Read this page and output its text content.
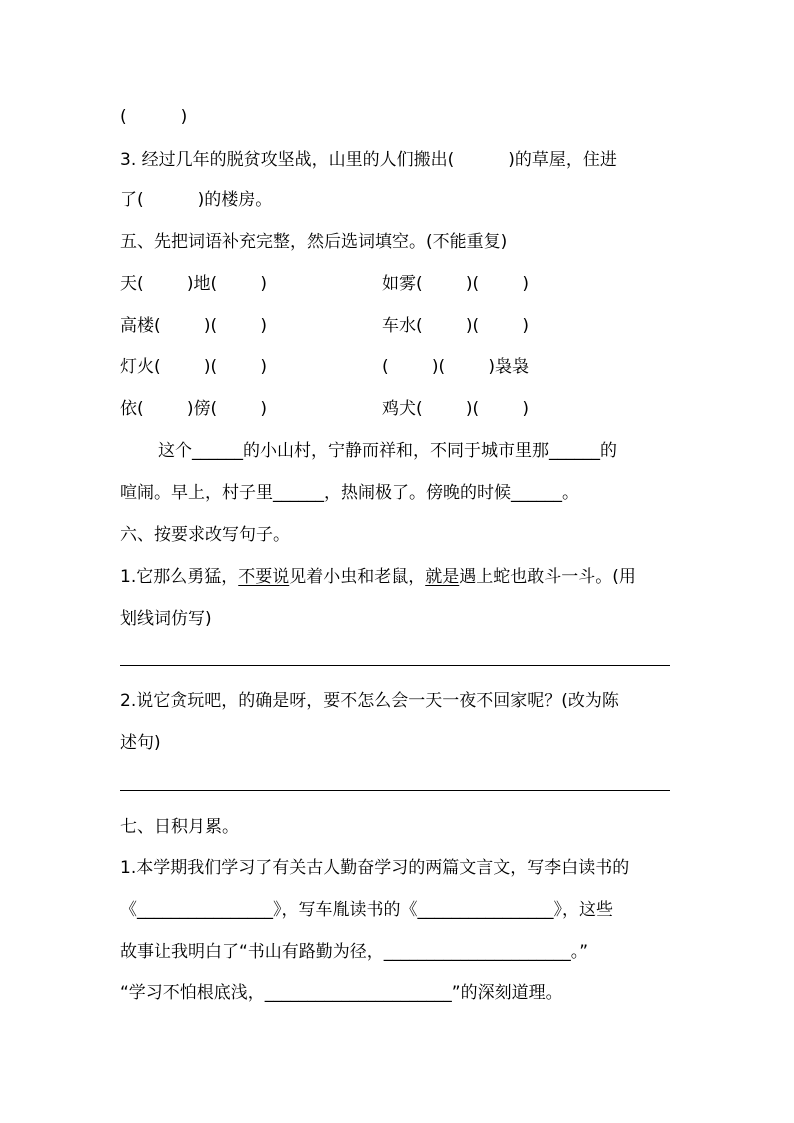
(          )
3. 经过几年的脱贫攻坚战，山里的人们搬出(          )的草屋，住进
了(          )的楼房。
五、先把词语补充完整，然后选词填空。(不能重复)
天(        )地(        )	如雾(        )(        )
高楼(        )(        )	车水(        )(        )
灯火(        )(        )	(        )(        )袅袅
依(        )傍(        )	鸡犬(        )(        )
这个______的小山村，宁静而祥和，不同于城市里那______的
喧闹。早上，村子里______，热闹极了。傍晚的时候______。
六、按要求改写句子。
1.它那么勇猛，不要说见着小虫和老鼠，就是遇上蛇也敢斗一斗。(用
划线词仿写)
2.说它贪玩吧，的确是呀，要不怎么会一天一夜不回家呢？(改为陈
述句)
七、日积月累。
1.本学期我们学习了有关古人勤奋学习的两篇文言文，写李白读书的
《________________》，写车胤读书的《________________》，这些
故事让我明白了“书山有路勤为径，______________________。”
“学习不怕根底浅，______________________”的深刻道理。
